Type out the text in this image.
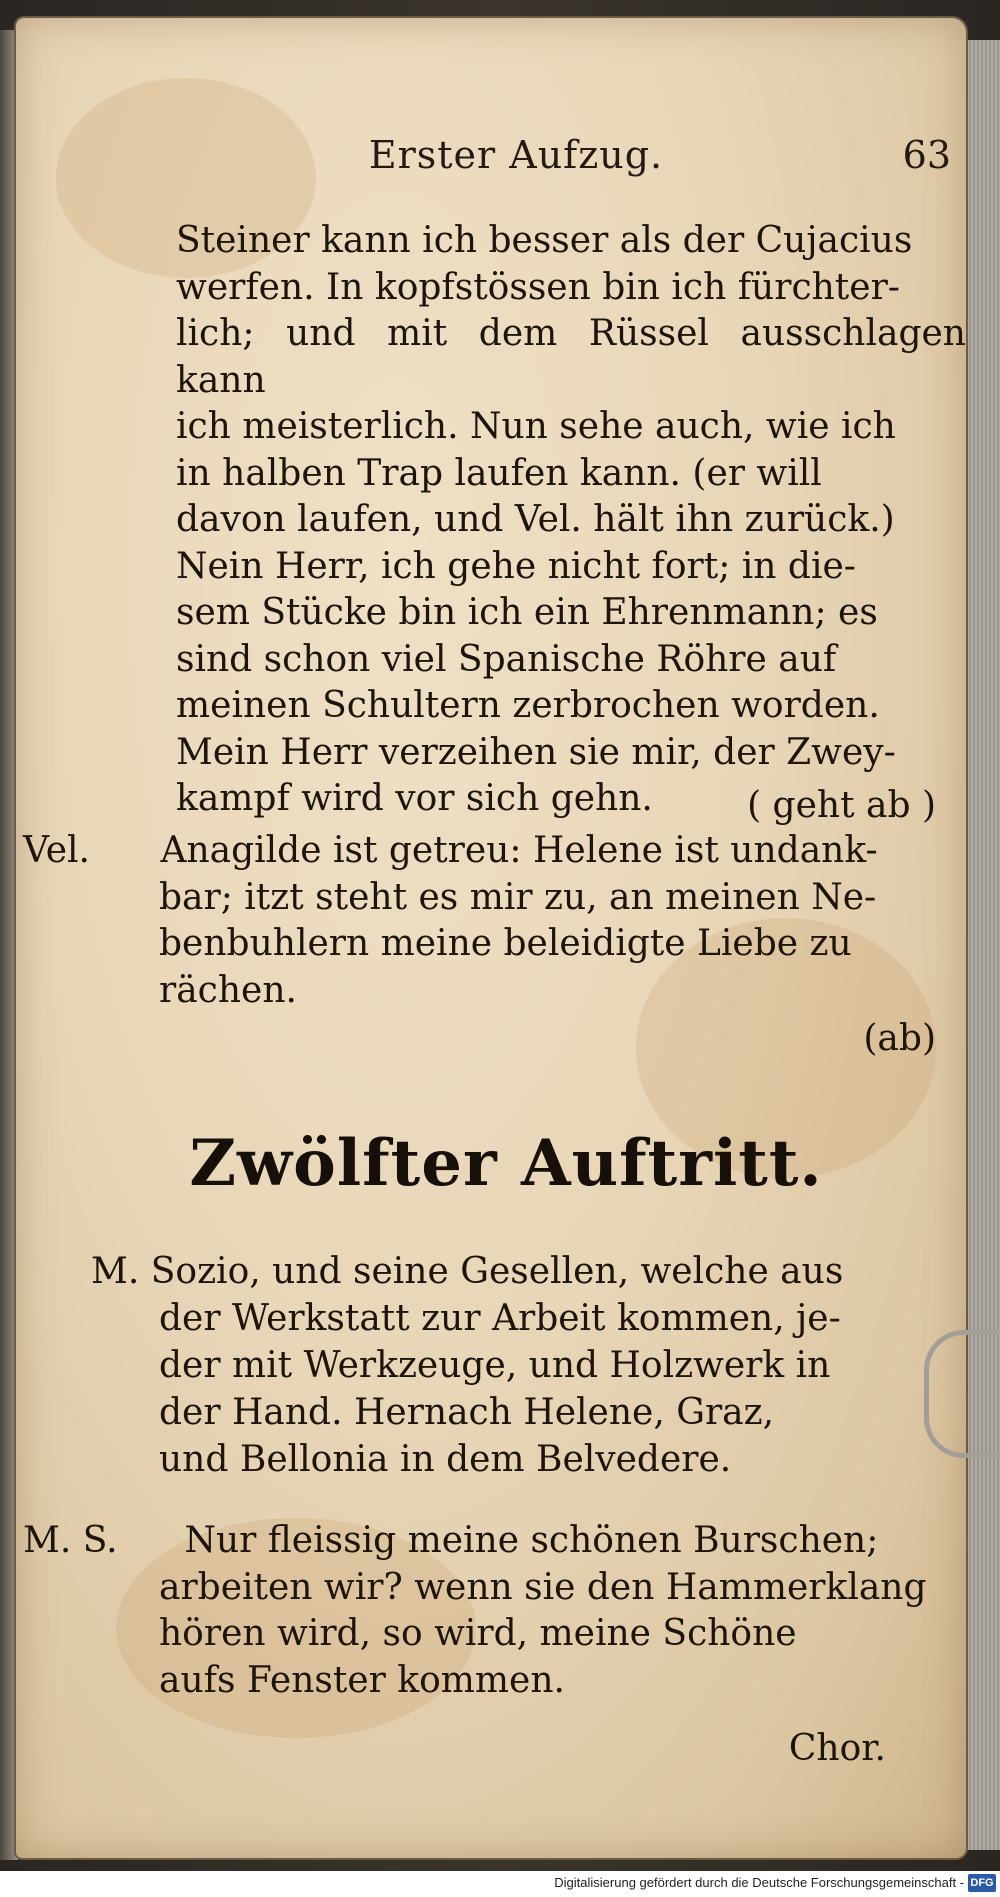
Erster Aufzug.	63

Steiner kann ich besser als der Cujacius

werfen. In kopfstössen bin ich fürchter-

lich; und mit dem Rüssel ausschlagen kann

ich meisterlich. Nun sehe auch, wie ich

in halben Trap laufen kann. (er will

davon laufen, und Vel. hält ihn zurück.)

Nein Herr, ich gehe nicht fort; in die-

sem Stücke bin ich ein Ehrenmann; es

sind schon viel Spanische Röhre auf

meinen Schultern zerbrochen worden.

Mein Herr verzeihen sie mir, der Zwey-

kampf wird vor sich gehn.	( geht ab )
Vel. Anagilde ist getreu: Helene ist undank-
bar; itzt steht es mir zu, an meinen Ne-
benbuhlern meine beleidigte Liebe zu rächen.
(ab)
Zwölfter Auftritt.
M. Sozio, und seine Gesellen, welche aus
der Werkstatt zur Arbeit kommen, je-
der mit Werkzeuge, und Holzwerk in
der Hand. Hernach Helene, Graz,
und Bellonia in dem Belvedere.
M. S. Nur fleissig meine schönen Burschen;
arbeiten wir? wenn sie den Hammerklang
hören wird, so wird, meine Schöne
aufs Fenster kommen.
Chor.
Digitalisierung gefördert durch die Deutsche Forschungsgemeinschaft - DFG
